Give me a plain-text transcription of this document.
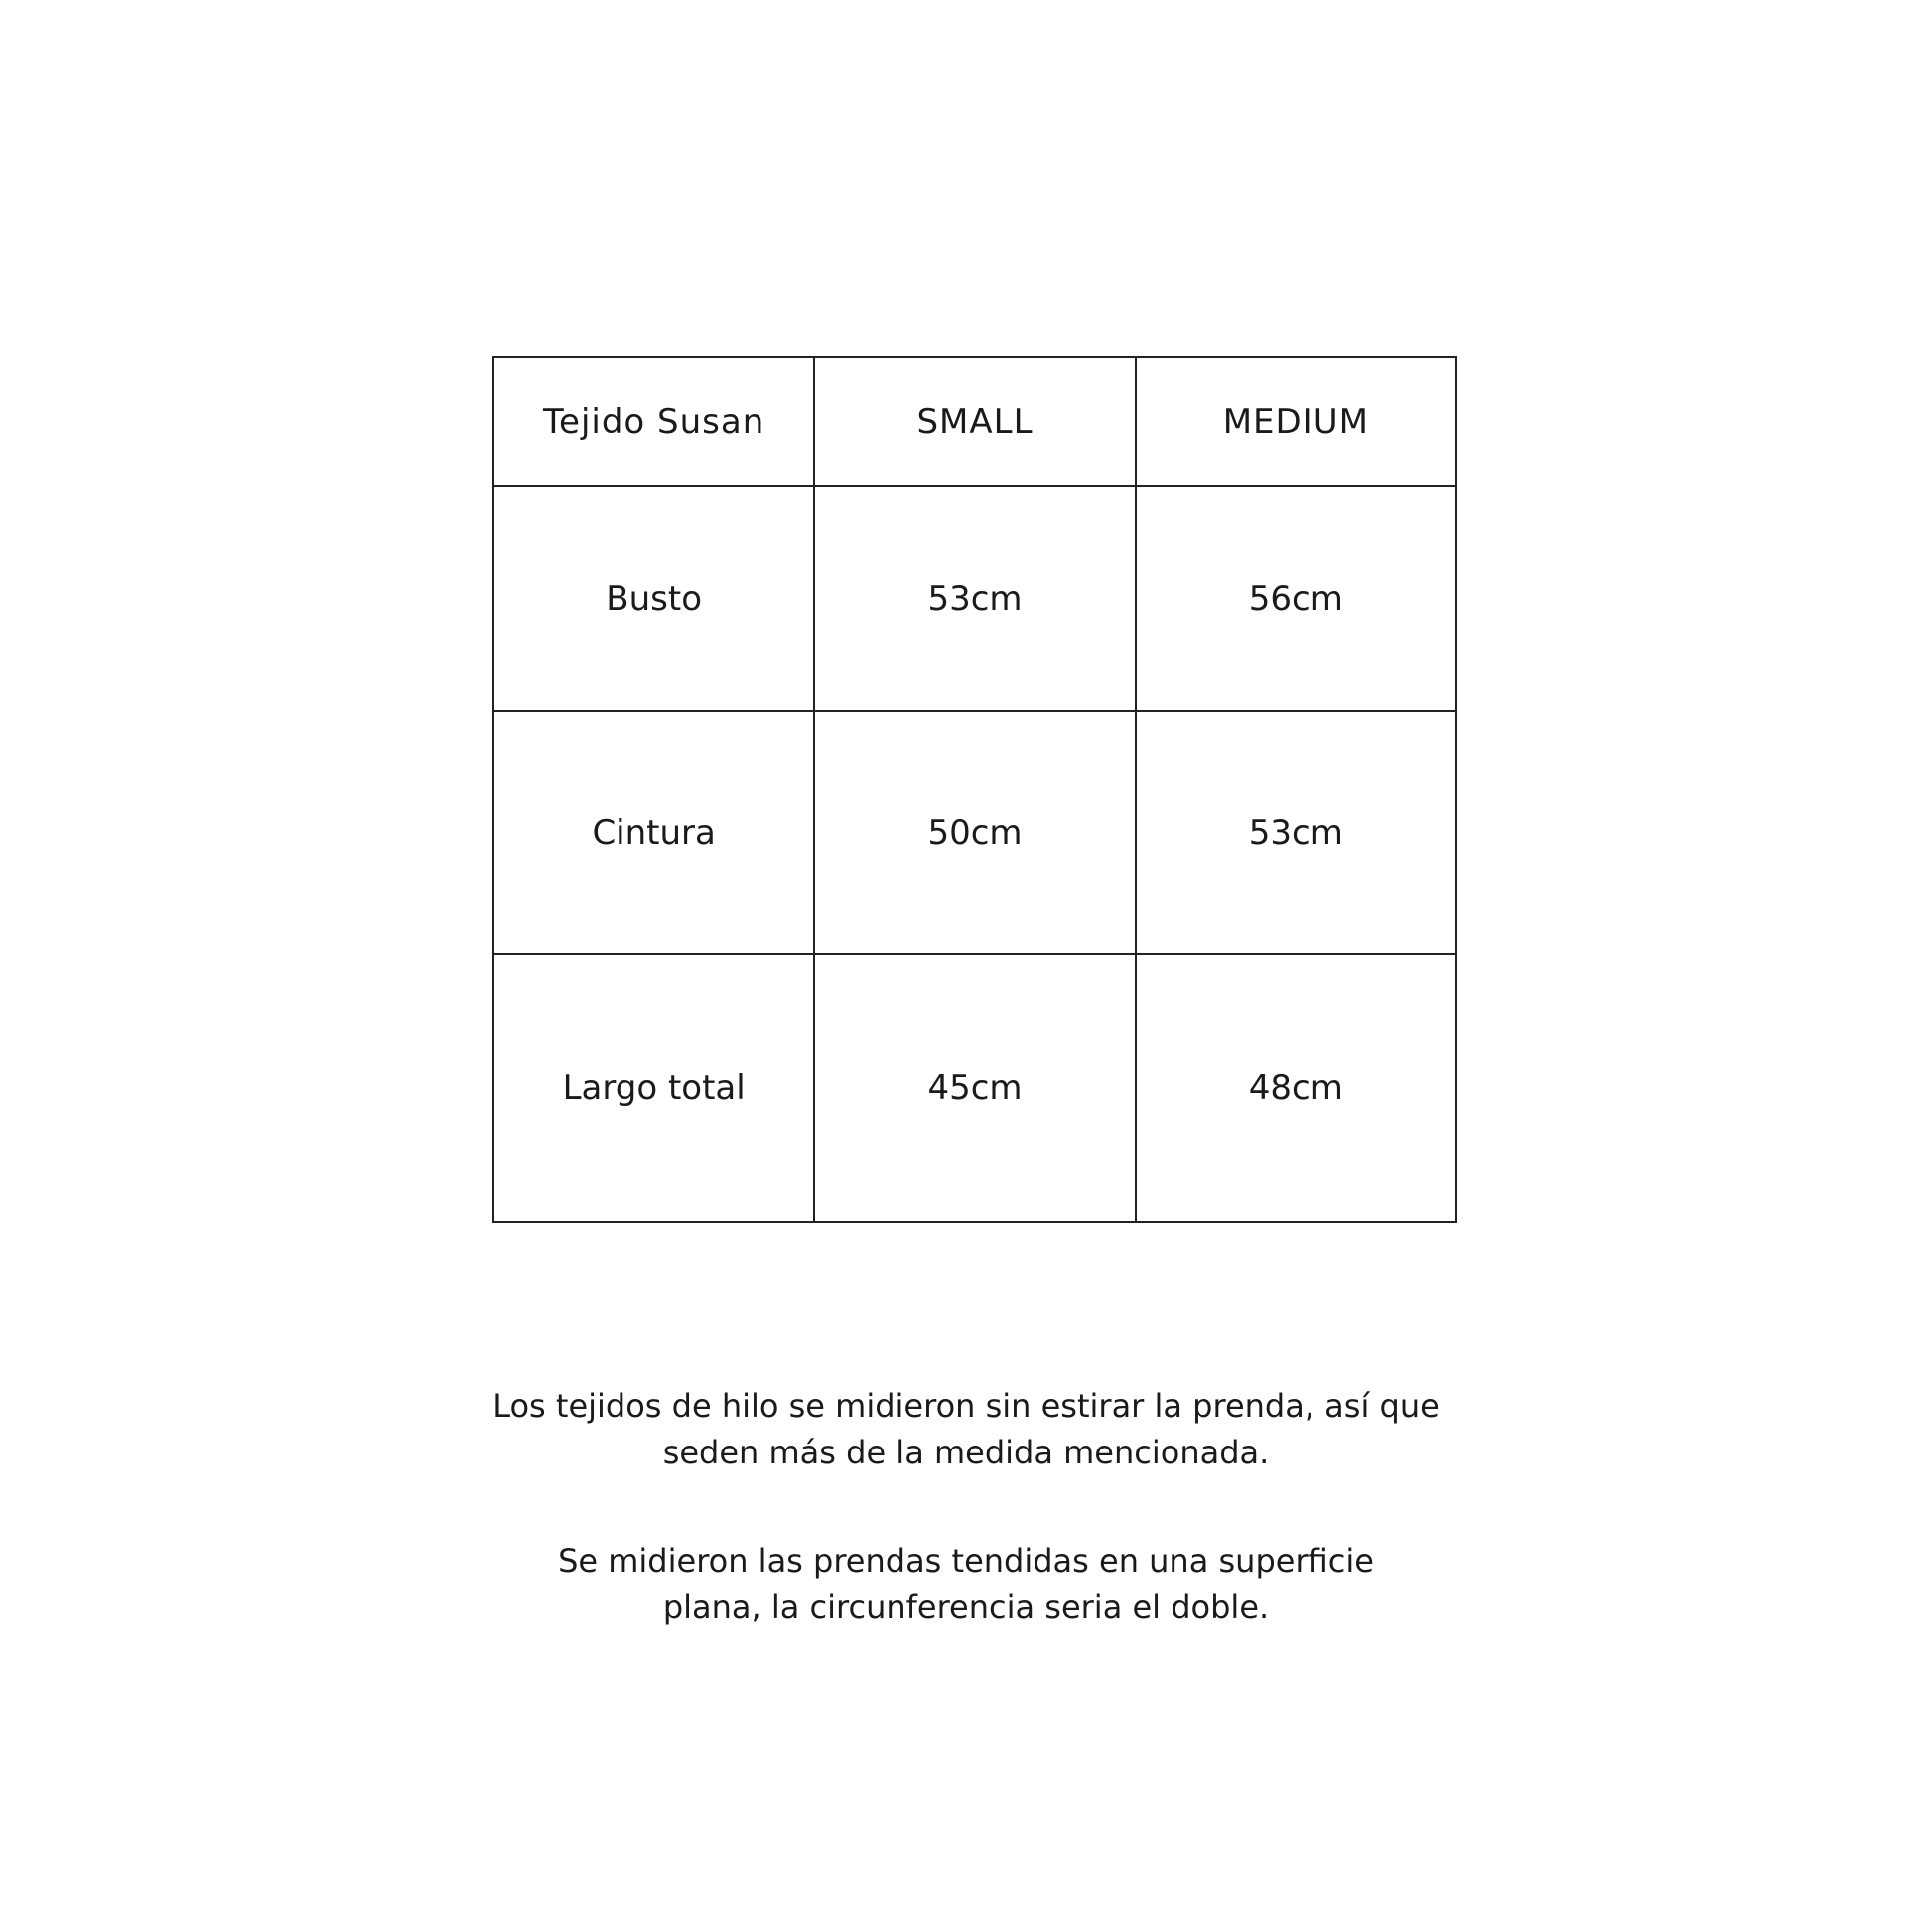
Tejido Susan	SMALL	MEDIUM
Busto	53cm	56cm
Cintura	50cm	53cm
Largo total	45cm	48cm

Los tejidos de hilo se midieron sin estirar la prenda, así que
seden más de la medida mencionada.

Se midieron las prendas tendidas en una superficie
plana, la circunferencia seria el doble.
